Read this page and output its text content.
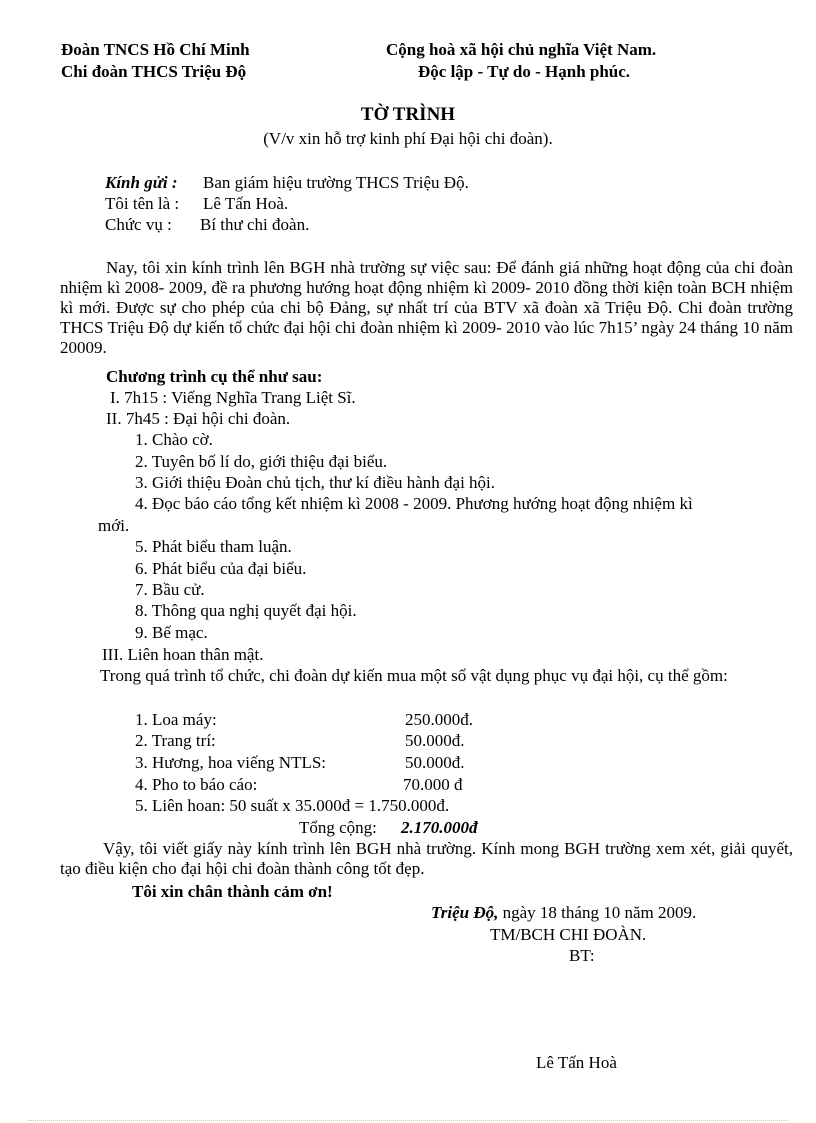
Đoàn TNCS Hồ Chí Minh
Chi đoàn THCS Triệu Độ
Cộng hoà xã hội chủ nghĩa Việt Nam.
Độc lập - Tự do - Hạnh phúc.
TỜ TRÌNH
(V/v xin hỗ trợ kinh phí Đại hội chi đoàn).
Kính gửi : Ban giám hiệu trường THCS Triệu Độ.
Tôi tên là : Lê Tấn Hoà.
Chức vụ : Bí thư chi đoàn.

Nay, tôi xin kính trình lên BGH nhà trường sự việc sau: Để đánh giá những hoạt động của chi đoàn nhiệm kì 2008- 2009, đề ra phương hướng hoạt động nhiệm kì 2009- 2010 đồng thời kiện toàn BCH nhiệm kì mới. Được sự cho phép của chi bộ Đảng, sự nhất trí của BTV xã đoàn xã Triệu Độ. Chi đoàn trường THCS Triệu Độ dự kiến tổ chức đại hội chi đoàn nhiệm kì 2009- 2010 vào lúc 7h15’ ngày 24 tháng 10 năm 20009.

Chương trình cụ thể như sau:
I. 7h15 : Viếng Nghĩa Trang Liệt Sĩ.
II. 7h45 : Đại hội chi đoàn.
1. Chào cờ.
2. Tuyên bố lí do, giới thiệu đại biểu.
3. Giới thiệu Đoàn chủ tịch, thư kí điều hành đại hội.
4. Đọc báo cáo tổng kết nhiệm kì 2008 - 2009. Phương hướng hoạt động nhiệm kì
mới.
5. Phát biểu tham luận.
6. Phát biểu của đại biểu.
7. Bầu cử.
8. Thông qua nghị quyết đại hội.
9. Bế mạc.
III. Liên hoan thân mật.

Trong quá trình tổ chức, chi đoàn dự kiến mua một số vật dụng phục vụ đại hội, cụ thể gồm:

1. Loa máy:	250.000đ.
2. Trang trí:	50.000đ.
3. Hương, hoa viếng NTLS:	50.000đ.
4. Pho to báo cáo:	70.000 đ
5. Liên hoan: 50 suất x 35.000đ = 1.750.000đ.
Tổng cộng: 2.170.000đ

Vậy, tôi viết giấy này kính trình lên BGH nhà trường. Kính mong BGH trường xem xét, giải quyết, tạo điều kiện cho đại hội chi đoàn thành công tốt đẹp.

Tôi xin chân thành cảm ơn!
Triệu Độ, ngày 18 tháng 10 năm 2009.
TM/BCH CHI ĐOÀN.
BT:
Lê Tấn Hoà
